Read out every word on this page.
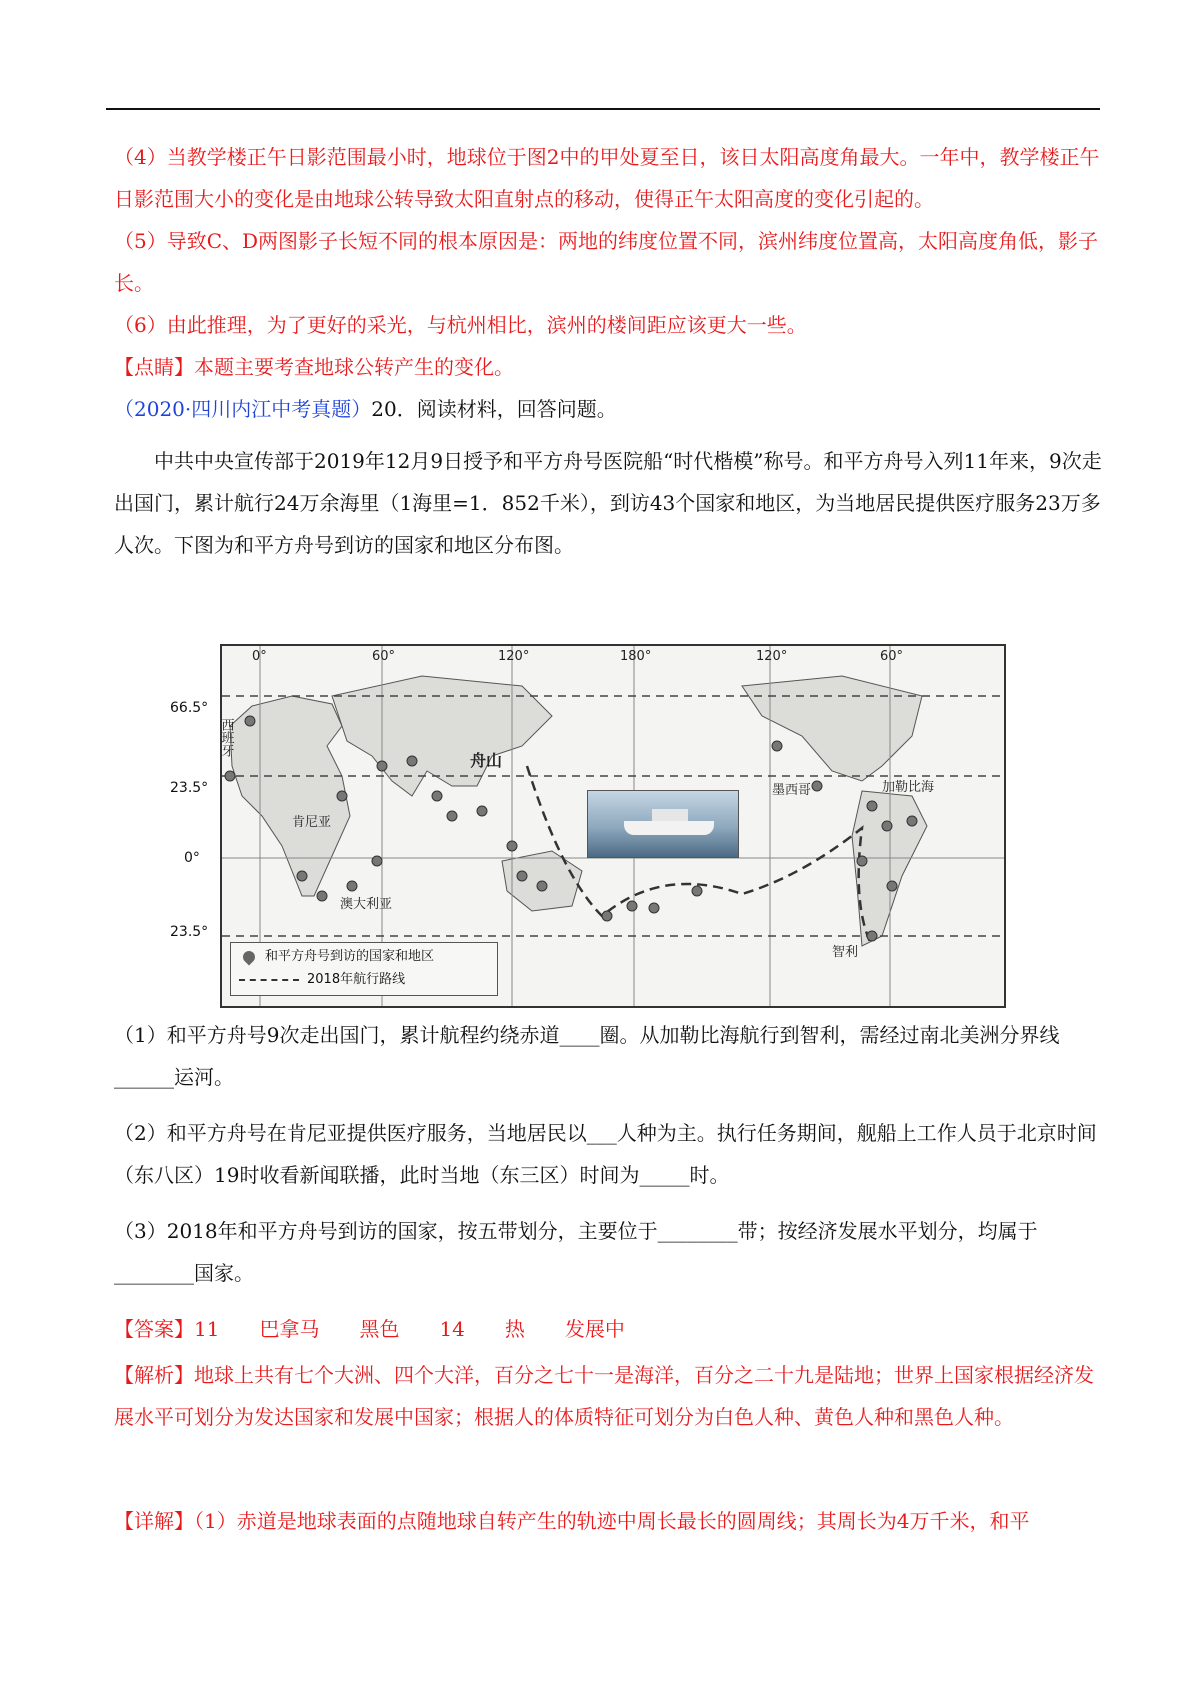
（4）当教学楼正午日影范围最小时，地球位于图2中的甲处夏至日，该日太阳高度角最大。一年中，教学楼正午日影范围大小的变化是由地球公转导致太阳直射点的移动，使得正午太阳高度的变化引起的。
（5）导致C、D两图影子长短不同的根本原因是：两地的纬度位置不同，滨州纬度位置高，太阳高度角低，影子长。
（6）由此推理，为了更好的采光，与杭州相比，滨州的楼间距应该更大一些。
【点睛】本题主要考查地球公转产生的变化。
（2020·四川内江中考真题）20．阅读材料，回答问题。
中共中央宣传部于2019年12月9日授予和平方舟号医院船“时代楷模”称号。和平方舟号入列11年来，9次走出国门，累计航行24万余海里（1海里=1．852千米），到访43个国家和地区，为当地居民提供医疗服务23万多人次。下图为和平方舟号到访的国家和地区分布图。
0°	60°	120°	180°	120°	60°
澳大利亚
肯尼亚
墨西哥	加勒比海
智利
舟山
西班牙
和平方舟号到访的国家和地区
2018年航行路线
66.5°
23.5°
0°
23.5°
（1）和平方舟号9次走出国门，累计航程约绕赤道____圈。从加勒比海航行到智利，需经过南北美洲分界线______运河。
（2）和平方舟号在肯尼亚提供医疗服务，当地居民以___人种为主。执行任务期间，舰船上工作人员于北京时间（东八区）19时收看新闻联播，此时当地（东三区）时间为_____时。
（3）2018年和平方舟号到访的国家，按五带划分，主要位于________带；按经济发展水平划分，均属于________国家。
【答案】11　　巴拿马　　黑色　　14　　热　　发展中
【解析】地球上共有七个大洲、四个大洋，百分之七十一是海洋，百分之二十九是陆地；世界上国家根据经济发展水平可划分为发达国家和发展中国家；根据人的体质特征可划分为白色人种、黄色人种和黑色人种。
【详解】（1）赤道是地球表面的点随地球自转产生的轨迹中周长最长的圆周线；其周长为4万千米，和平
